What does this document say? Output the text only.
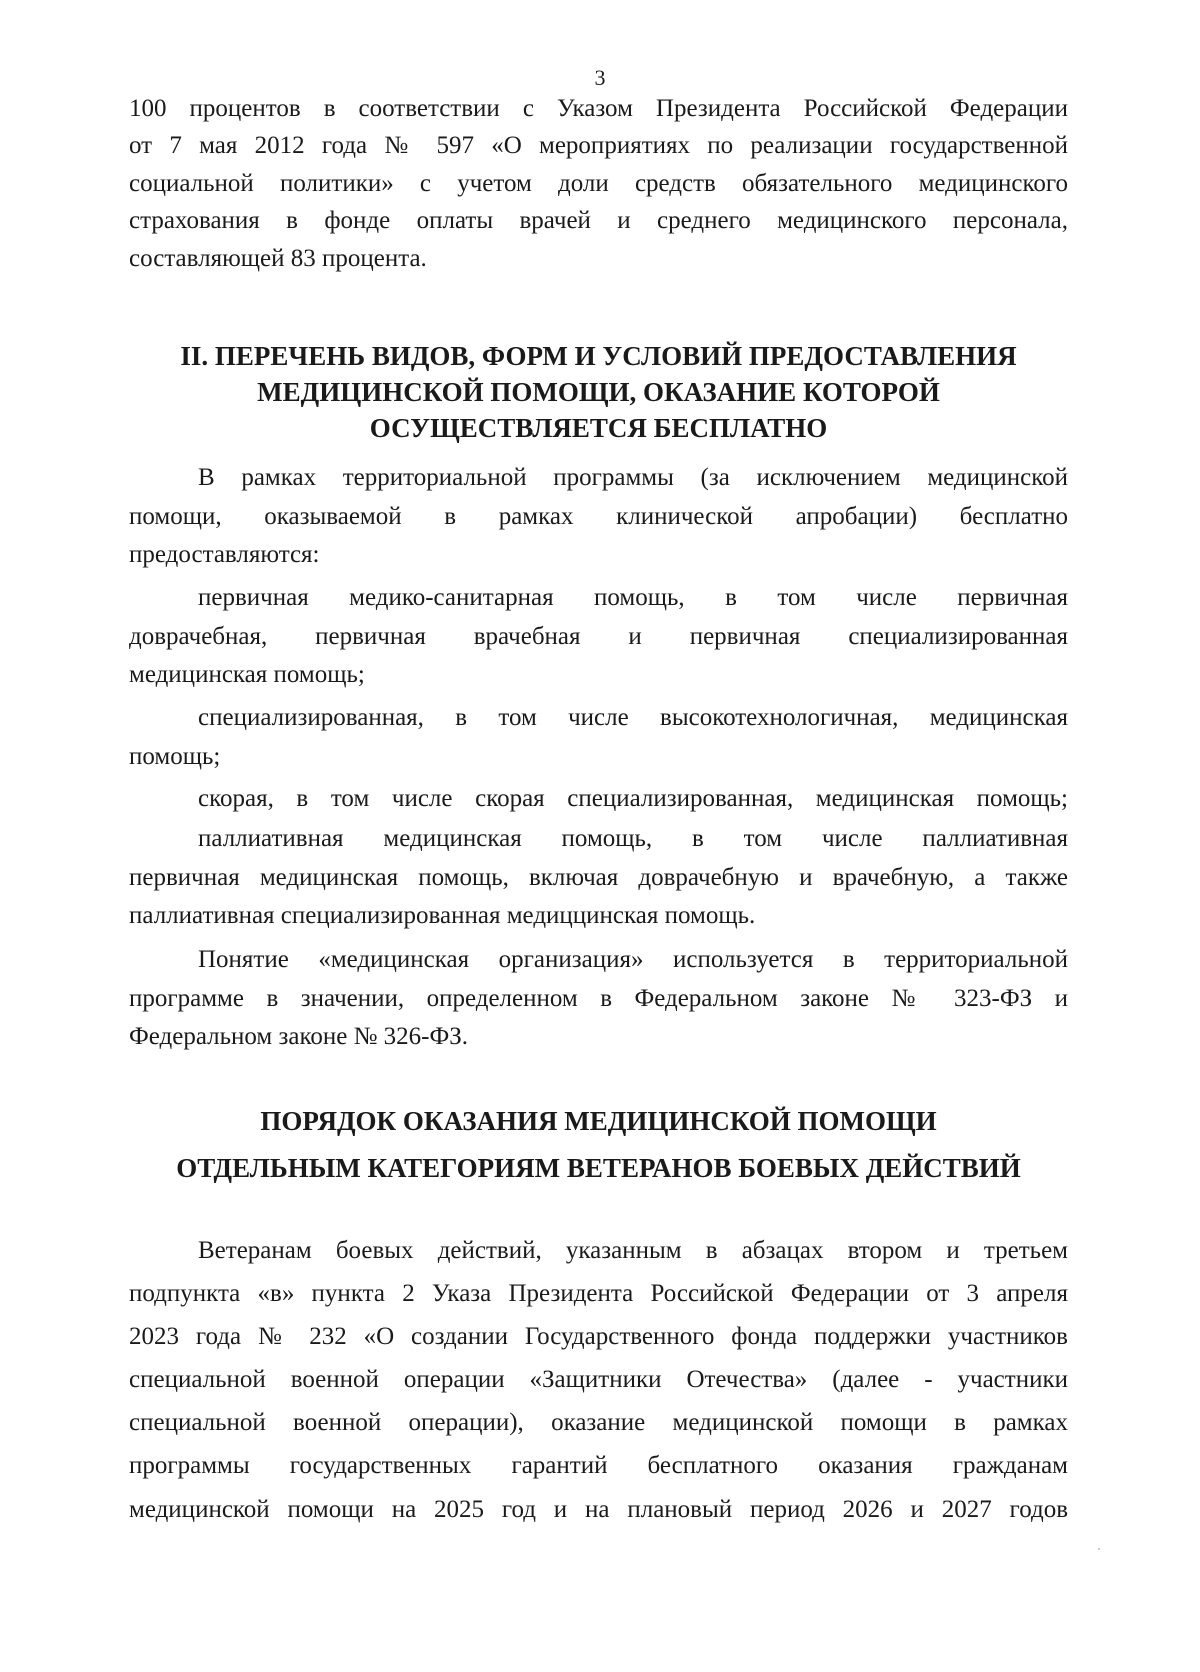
3

100 процентов в соответствии с Указом Президента Российской Федерации

от 7 мая 2012 года № 597 «О мероприятиях по реализации государственной

социальной политики» с учетом доли средств обязательного медицинского

страхования в фонде оплаты врачей и среднего медицинского персонала,

составляющей 83 процента.

II. ПЕРЕЧЕНЬ ВИДОВ, ФОРМ И УСЛОВИЙ ПРЕДОСТАВЛЕНИЯ
МЕДИЦИНСКОЙ ПОМОЩИ, ОКАЗАНИЕ КОТОРОЙ
ОСУЩЕСТВЛЯЕТСЯ БЕСПЛАТНО

В рамках территориальной программы (за исключением медицинской

помощи, оказываемой в рамках клинической апробации) бесплатно

предоставляются:

первичная медико-санитарная помощь, в том числе первичная

доврачебная, первичная врачебная и первичная специализированная

медицинская помощь;

специализированная, в том числе высокотехнологичная, медицинская

помощь;

скорая, в том числе скорая специализированная, медицинская помощь;

паллиативная медицинская помощь, в том числе паллиативная

первичная медицинская помощь, включая доврачебную и врачебную, а также

паллиативная специализированная медиццинская помощь.

Понятие «медицинская организация» используется в территориальной

программе в значении, определенном в Федеральном законе № 323-ФЗ и

Федеральном законе № 326-ФЗ.

ПОРЯДОК ОКАЗАНИЯ МЕДИЦИНСКОЙ ПОМОЩИ
ОТДЕЛЬНЫМ КАТЕГОРИЯМ ВЕТЕРАНОВ БОЕВЫХ ДЕЙСТВИЙ

Ветеранам боевых действий, указанным в абзацах втором и третьем

подпункта «в» пункта 2 Указа Президента Российской Федерации от 3 апреля

2023 года № 232 «О создании Государственного фонда поддержки участников

специальной военной операции «Защитники Отечества» (далее - участники

специальной военной операции), оказание медицинской помощи в рамках

программы государственных гарантий бесплатного оказания гражданам

медицинской помощи на 2025 год и на плановый период 2026 и 2027 годов
